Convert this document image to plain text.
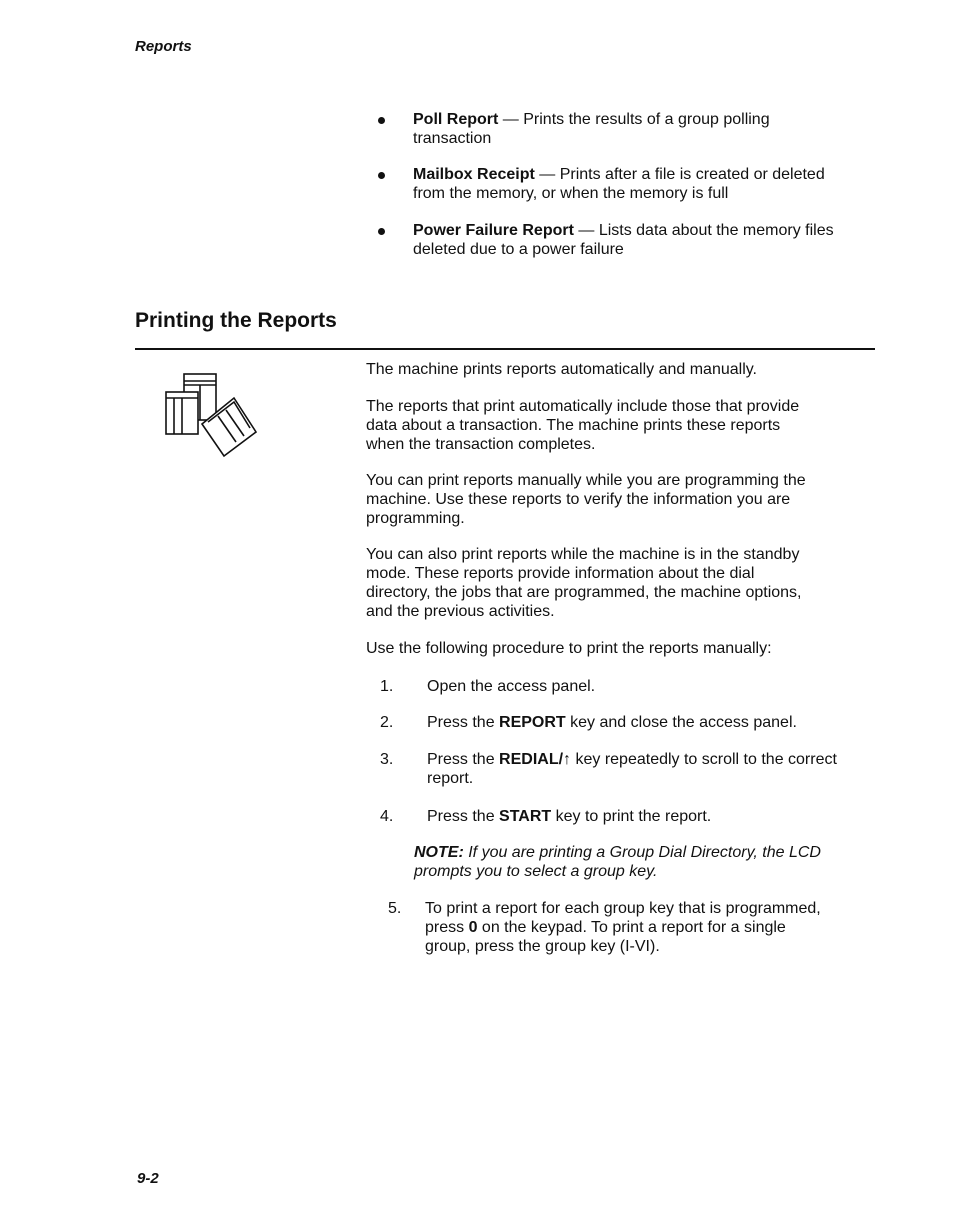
Reports
Poll Report — Prints the results of a group polling
transaction
Mailbox Receipt — Prints after a file is created or deleted
from the memory, or when the memory is full
Power Failure Report — Lists data about the memory files
deleted due to a power failure
Printing the Reports
The machine prints reports automatically and manually.
The reports that print automatically include those that provide
data about a transaction. The machine prints these reports
when the transaction completes.
You can print reports manually while you are programming the
machine. Use these reports to verify the information you are
programming.
You can also print reports while the machine is in the standby
mode. These reports provide information about the dial
directory, the jobs that are programmed, the machine options,
and the previous activities.
Use the following procedure to print the reports manually:
1. Open the access panel.
2. Press the REPORT key and close the access panel.
3. Press the REDIAL/↑ key repeatedly to scroll to the correct
report.
4. Press the START key to print the report.
NOTE: If you are printing a Group Dial Directory, the LCD
prompts you to select a group key.
5. To print a report for each group key that is programmed,
press 0 on the keypad. To print a report for a single
group, press the group key (I-VI).
9-2
